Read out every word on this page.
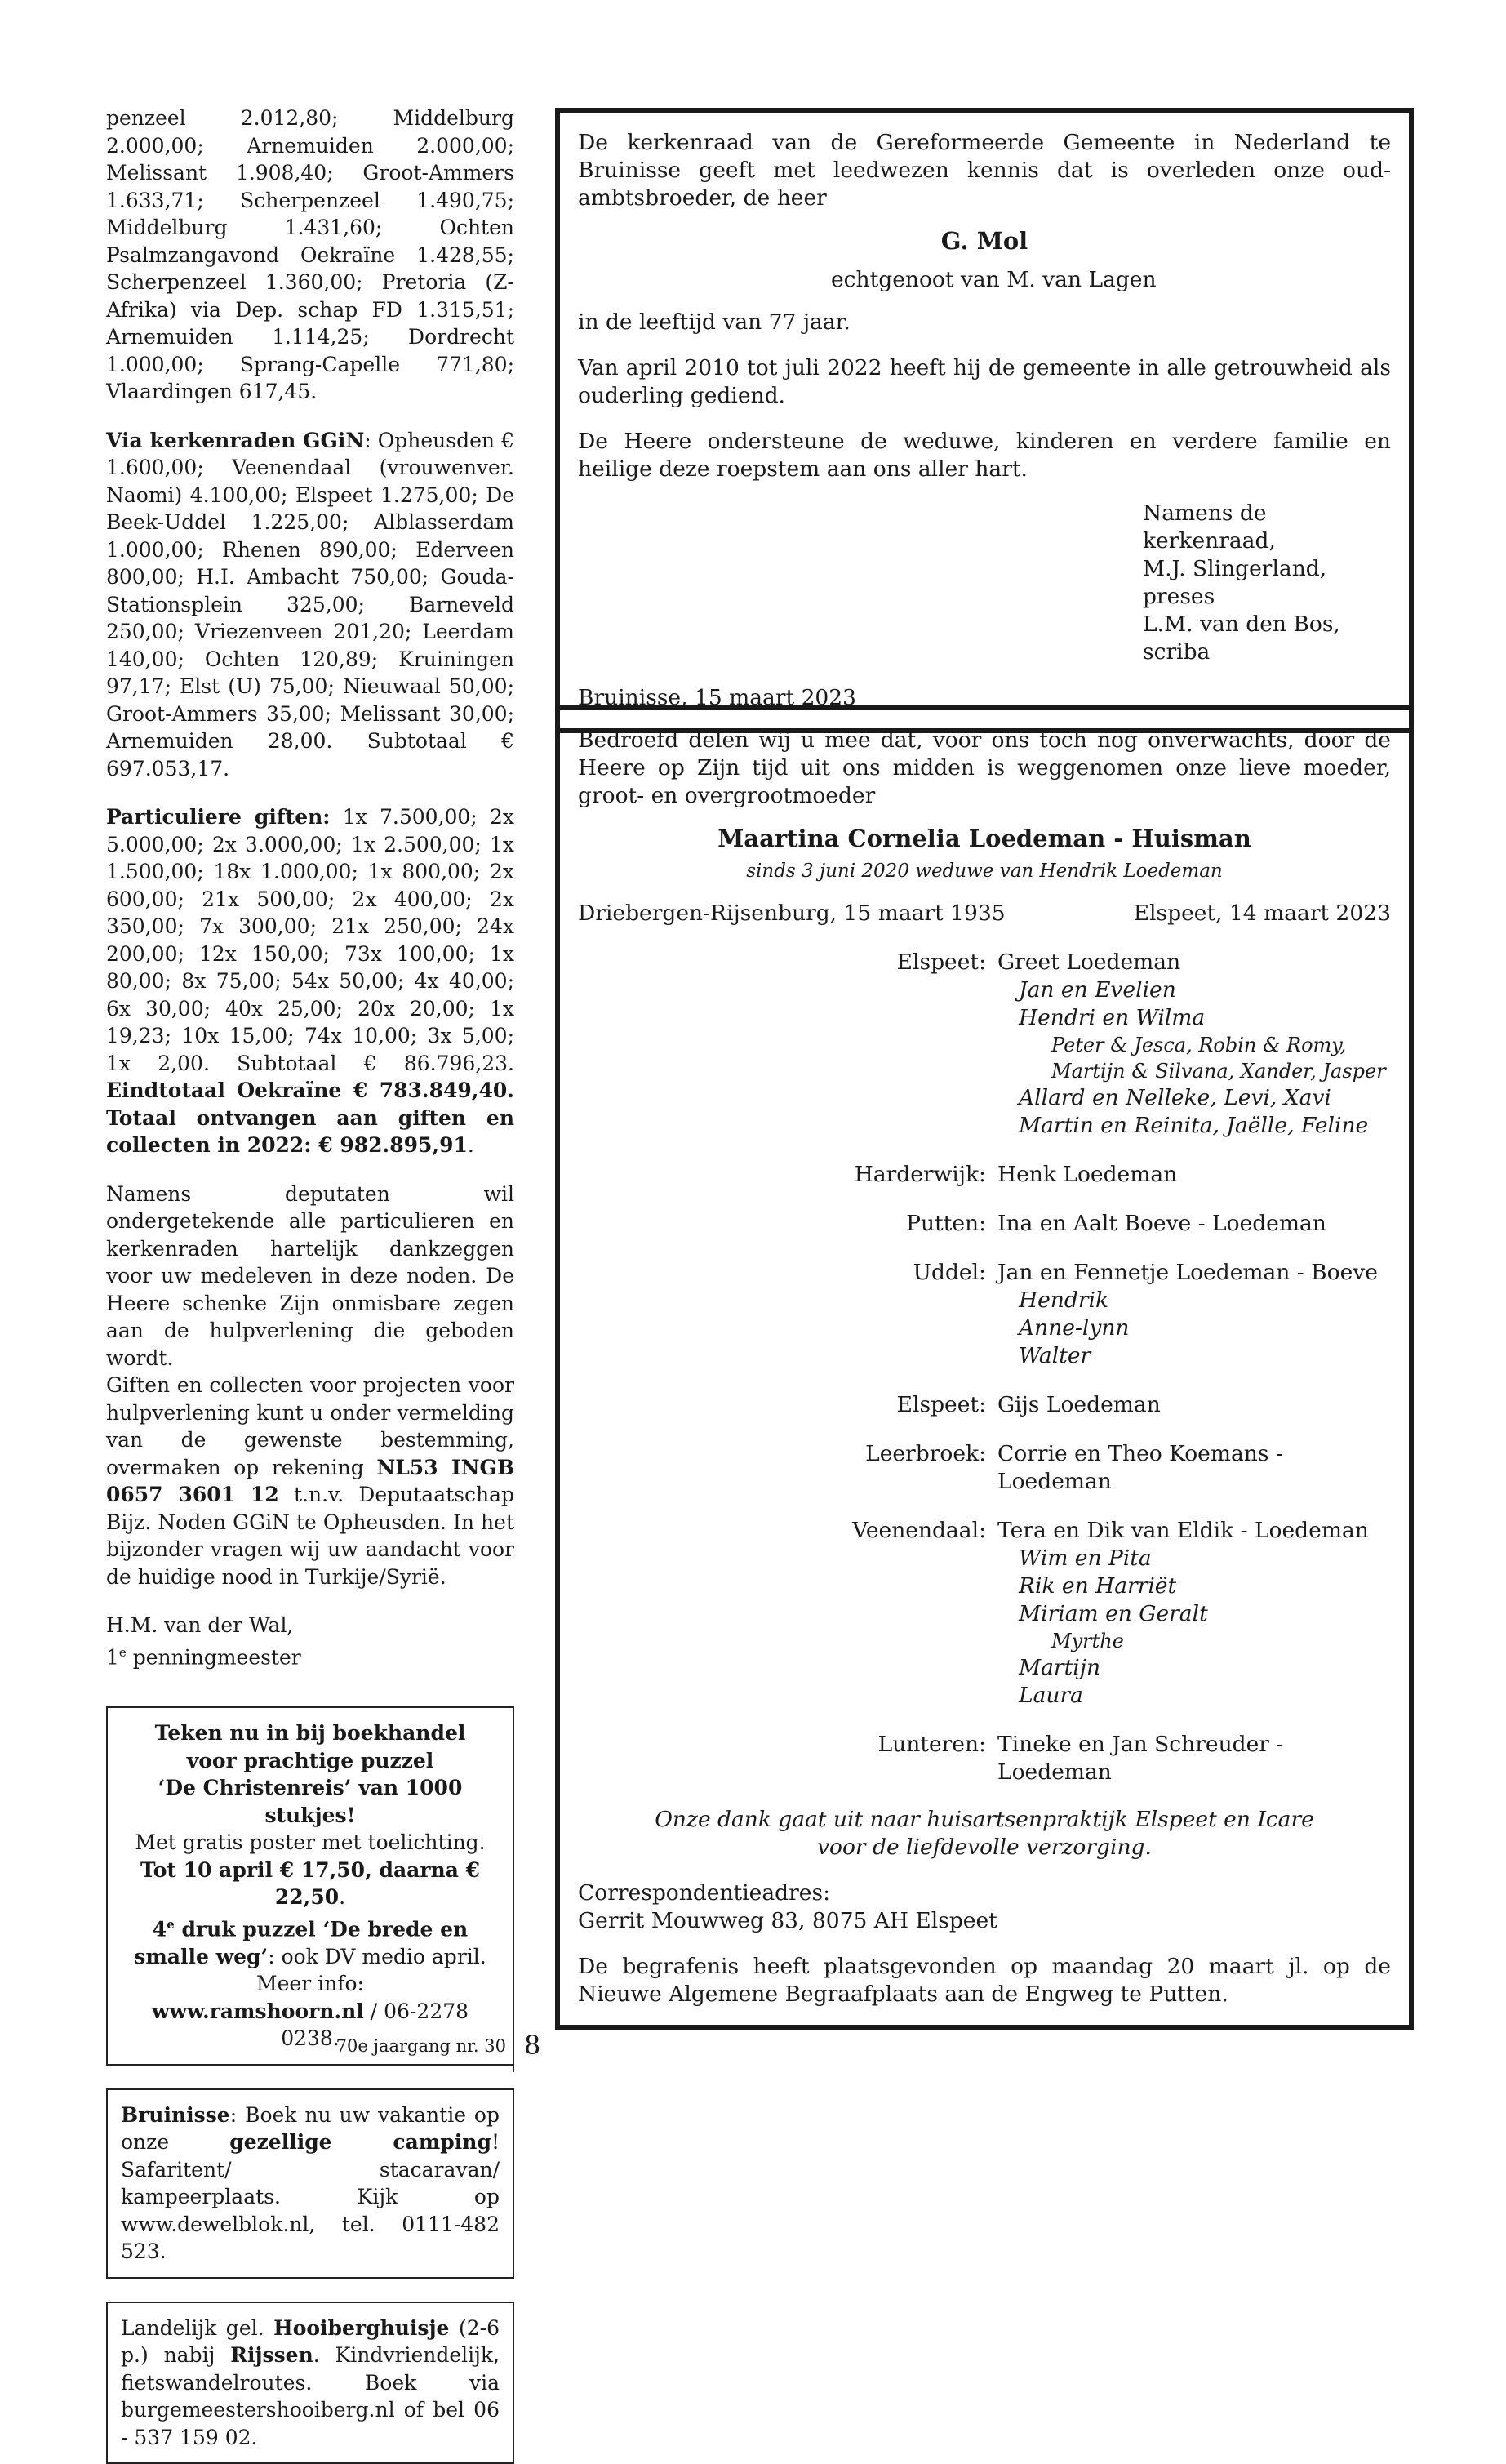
penzeel 2.012,80; Middelburg 2.000,00; Arnemuiden 2.000,00; Melissant 1.908,40; Groot-Ammers 1.633,71; Scherpenzeel 1.490,75; Middelburg 1.431,60; Ochten Psalmzangavond Oekraïne 1.428,55; Scherpenzeel 1.360,00; Pretoria (Z-Afrika) via Dep. schap FD 1.315,51; Arnemuiden 1.114,25; Dordrecht 1.000,00; Sprang-Capelle 771,80; Vlaardingen 617,45.

Via kerkenraden GGiN: Opheusden € 1.600,00; Veenendaal (vrouwenver. Naomi) 4.100,00; Elspeet 1.275,00; De Beek-Uddel 1.225,00; Alblasserdam 1.000,00; Rhenen 890,00; Ederveen 800,00; H.I. Ambacht 750,00; Gouda-Stationsplein 325,00; Barneveld 250,00; Vriezenveen 201,20; Leerdam 140,00; Ochten 120,89; Kruiningen 97,17; Elst (U) 75,00; Nieuwaal 50,00; Groot-Ammers 35,00; Melissant 30,00; Arnemuiden 28,00. Subtotaal € 697.053,17.

Particuliere giften: 1x 7.500,00; 2x 5.000,00; 2x 3.000,00; 1x 2.500,00; 1x 1.500,00; 18x 1.000,00; 1x 800,00; 2x 600,00; 21x 500,00; 2x 400,00; 2x 350,00; 7x 300,00; 21x 250,00; 24x 200,00; 12x 150,00; 73x 100,00; 1x 80,00; 8x 75,00; 54x 50,00; 4x 40,00; 6x 30,00; 40x 25,00; 20x 20,00; 1x 19,23; 10x 15,00; 74x 10,00; 3x 5,00; 1x 2,00. Subtotaal € 86.796,23. Eindtotaal Oekraïne € 783.849,40. Totaal ontvangen aan giften en collecten in 2022: € 982.895,91.

Namens deputaten wil ondergetekende alle particulieren en kerkenraden hartelijk dankzeggen voor uw medeleven in deze noden. De Heere schenke Zijn onmisbare zegen aan de hulpverlening die geboden wordt.

Giften en collecten voor projecten voor hulpverlening kunt u onder vermelding van de gewenste bestemming, overmaken op rekening NL53 INGB 0657 3601 12 t.n.v. Deputaatschap Bijz. Noden GGiN te Opheusden. In het bijzonder vragen wij uw aandacht voor de huidige nood in Turkije/Syrië.

H.M. van der Wal,

1e penningmeester

Teken nu in bij boekhandel
voor prachtige puzzel
‘De Christenreis’ van 1000 stukjes!
Met gratis poster met toelichting.
Tot 10 april € 17,50, daarna € 22,50.
4e druk puzzel ‘De brede en smalle weg’: ook DV medio april. Meer info:
www.ramshoorn.nl / 06-2278 0238.
Bruinisse: Boek nu uw vakantie op onze gezellige camping! Safaritent/ stacaravan/ kampeerplaats. Kijk op www.dewelblok.nl, tel. 0111-482 523.
Landelijk gel. Hooiberghuisje (2-6 p.) nabij Rijssen. Kindvriendelijk, fietswandelroutes. Boek via burgemeestershooiberg.nl of bel 06 - 537 159 02.

De kerkenraad van de Gereformeerde Gemeente in Nederland te Bruinisse geeft met leedwezen kennis dat is overleden onze oud-ambtsbroeder, de heer

G. Mol

echtgenoot van M. van Lagen

in de leeftijd van 77 jaar.

Van april 2010 tot juli 2022 heeft hij de gemeente in alle getrouwheid als ouderling gediend.

De Heere ondersteune de weduwe, kinderen en verdere familie en heilige deze roepstem aan ons aller hart.

Namens de kerkenraad,

M.J. Slingerland, preses

L.M. van den Bos, scriba

Bruinisse, 15 maart 2023

Bedroefd delen wij u mee dat, voor ons toch nog onverwachts, door de Heere op Zijn tijd uit ons midden is weggenomen onze lieve moeder, groot- en overgrootmoeder

Maartina Cornelia Loedeman - Huisman

sinds 3 juni 2020 weduwe van Hendrik Loedeman

Driebergen-Rijsenburg, 15 maart 1935	Elspeet, 14 maart 2023
Elspeet: Greet Loedeman
Jan en Evelien
Hendri en Wilma
Peter & Jesca, Robin & Romy,
Martijn & Silvana, Xander, Jasper
Allard en Nelleke, Levi, Xavi
Martin en Reinita, Jaëlle, Feline
Harderwijk: Henk Loedeman
Putten: Ina en Aalt Boeve - Loedeman
Uddel: Jan en Fennetje Loedeman - Boeve
Hendrik
Anne-lynn
Walter
Elspeet: Gijs Loedeman
Leerbroek: Corrie en Theo Koemans - Loedeman
Veenendaal: Tera en Dik van Eldik - Loedeman
Wim en Pita
Rik en Harriët
Miriam en Geralt
Myrthe
Martijn
Laura
Lunteren: Tineke en Jan Schreuder - Loedeman

Onze dank gaat uit naar huisartsenpraktijk Elspeet en Icare

voor de liefdevolle verzorging.

Correspondentieadres:

Gerrit Mouwweg 83, 8075 AH Elspeet

De begrafenis heeft plaatsgevonden op maandag 20 maart jl. op de Nieuwe Algemene Begraafplaats aan de Engweg te Putten.

70e jaargang nr. 30 8
